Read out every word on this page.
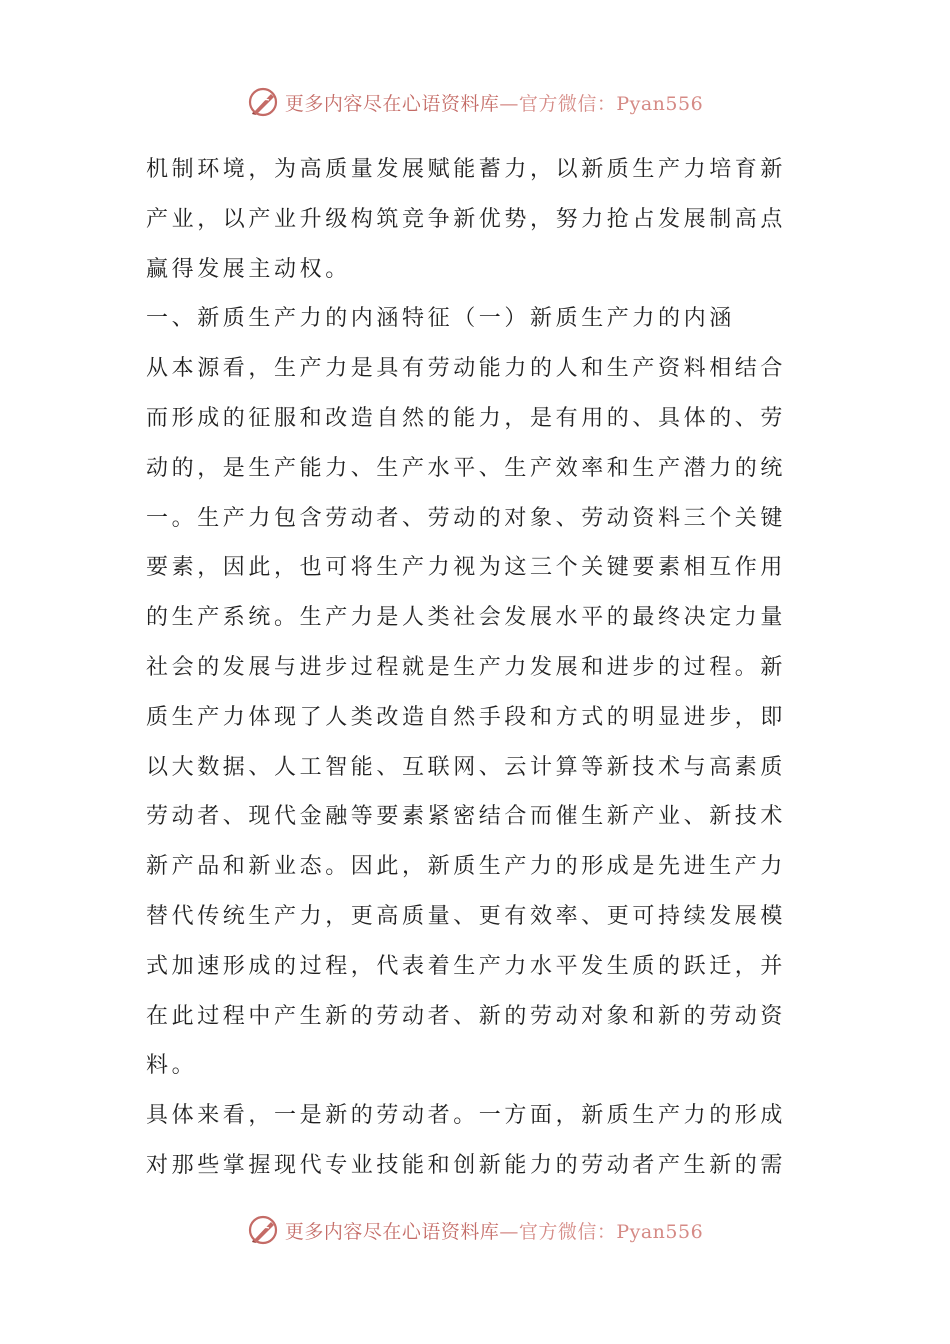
更多内容尽在心语资料库—官方微信：Pyan556
机制环境，为高质量发展赋能蓄力，以新质生产力培育新
产业，以产业升级构筑竞争新优势，努力抢占发展制高点
赢得发展主动权。
一、新质生产力的内涵特征（一）新质生产力的内涵
从本源看，生产力是具有劳动能力的人和生产资料相结合
而形成的征服和改造自然的能力，是有用的、具体的、劳
动的，是生产能力、生产水平、生产效率和生产潜力的统
一。生产力包含劳动者、劳动的对象、劳动资料三个关键
要素，因此，也可将生产力视为这三个关键要素相互作用
的生产系统。生产力是人类社会发展水平的最终决定力量
社会的发展与进步过程就是生产力发展和进步的过程。新
质生产力体现了人类改造自然手段和方式的明显进步，即
以大数据、人工智能、互联网、云计算等新技术与高素质
劳动者、现代金融等要素紧密结合而催生新产业、新技术
新产品和新业态。因此，新质生产力的形成是先进生产力
替代传统生产力，更高质量、更有效率、更可持续发展模
式加速形成的过程，代表着生产力水平发生质的跃迁，并
在此过程中产生新的劳动者、新的劳动对象和新的劳动资
料。
具体来看，一是新的劳动者。一方面，新质生产力的形成
对那些掌握现代专业技能和创新能力的劳动者产生新的需
更多内容尽在心语资料库—官方微信：Pyan556
